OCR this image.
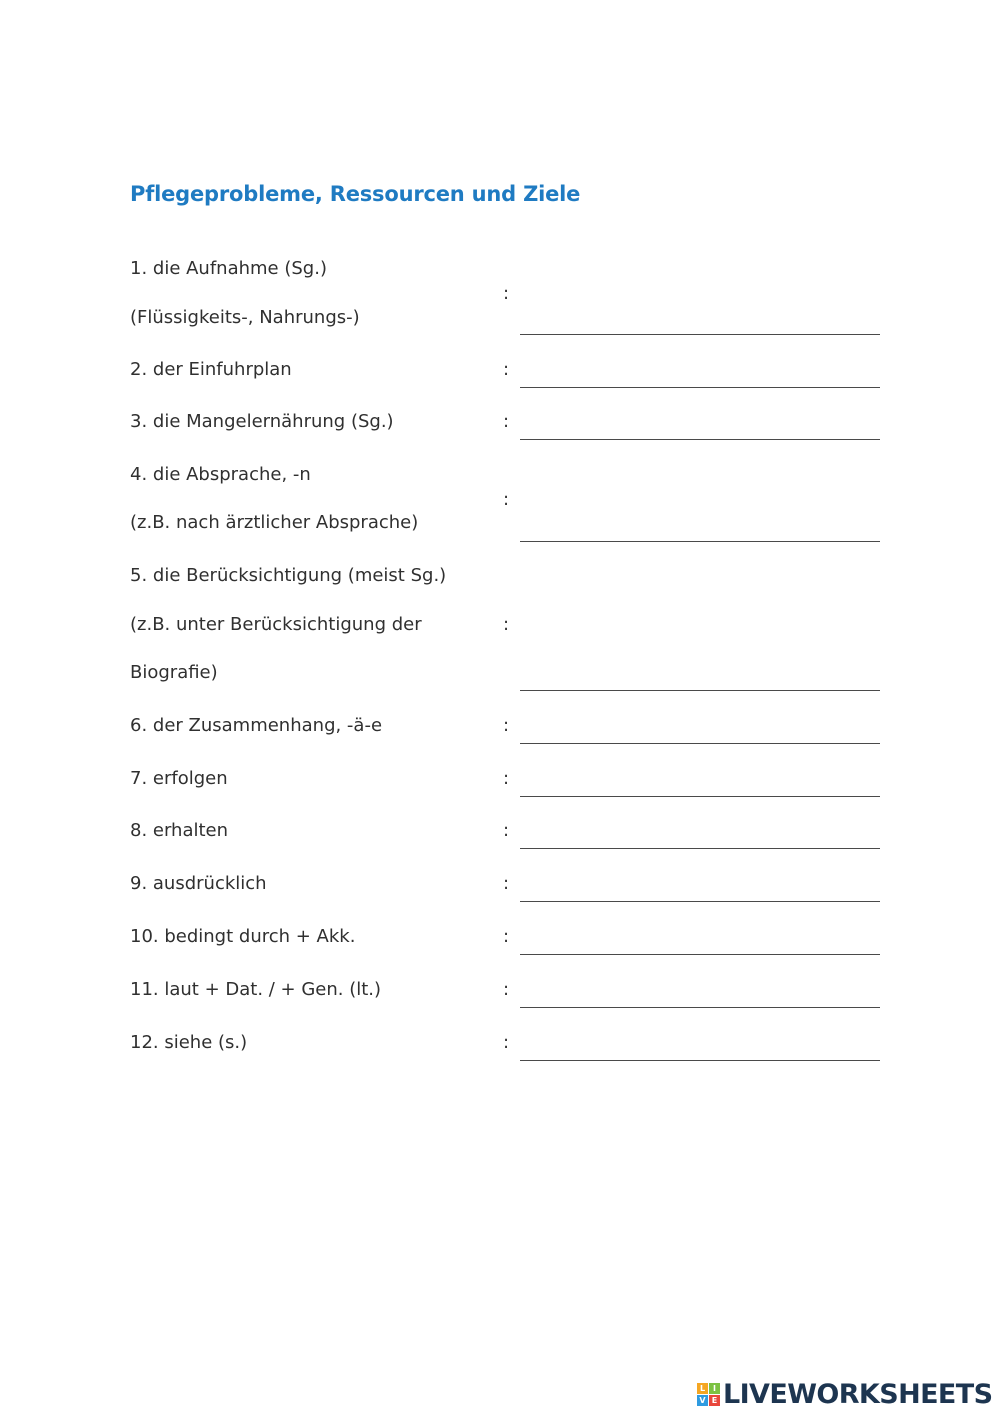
Pflegeprobleme, Ressourcen und Ziele
1. die Aufnahme (Sg.)
(Flüssigkeits-, Nahrungs-)
:
2. der Einfuhrplan	:
3. die Mangelernährung (Sg.)	:
4. die Absprache, -n
(z.B. nach ärztlicher Absprache)
:
5. die Berücksichtigung (meist Sg.)
(z.B. unter Berücksichtigung der
Biografie)
:
6. der Zusammenhang, -ä-e	:
7. erfolgen	:
8. erhalten	:
9. ausdrücklich	:
10. bedingt durch + Akk.	:
11. laut + Dat. / + Gen. (lt.)	:
12. siehe (s.)	:
L I
V E LIVEWORKSHEETS
